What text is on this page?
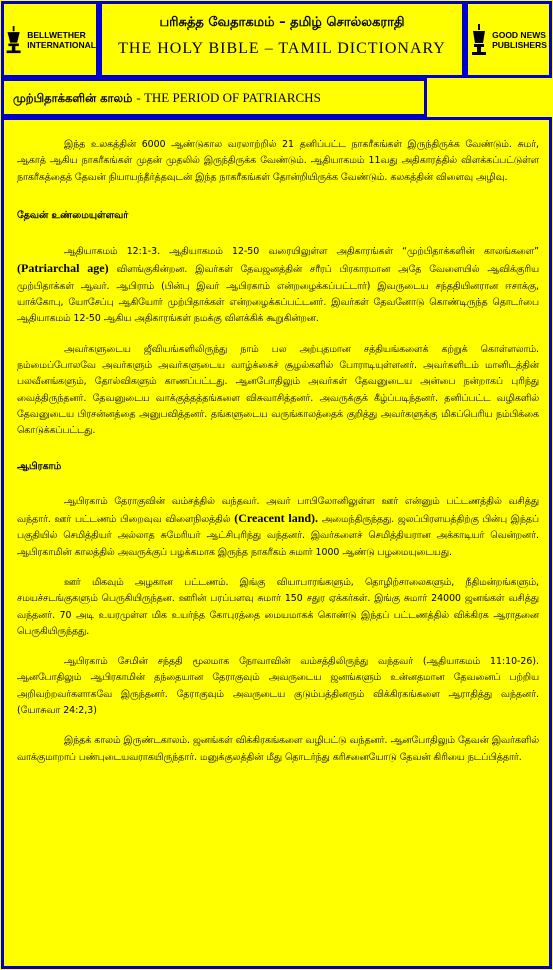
BELLWETHER
INTERNATIONAL
பரிசுத்த வேதாகமம் – தமிழ் சொல்லகராதி
THE HOLY BIBLE – TAMIL DICTIONARY
GOOD NEWS
PUBLISHERS
முற்பிதாக்களின் காலம் - THE PERIOD OF PATRIARCHS

இந்த உலகத்தின் 6000 ஆண்டுகால வரலாற்றில் 21 தனிப்பட்ட நாகரீகங்கள் இருந்திருக்க வேண்டும். சுமர், ஆகாத் ஆகிய நாகரீகங்கள் முதன் முதலில் இருந்திருக்க வேண்டும். ஆதியாகமம் 11வது அதிகாரத்தில் விளக்கப்பட்டுள்ள நாகரீகத்தைத் தேவன் நியாயந்தீர்த்தவுடன் இந்த நாகரீகங்கள் தோன்றியிருக்க வேண்டும். கலகத்தின் விளைவு அழிவு.

தேவன் உண்மையுள்ளவர்

ஆதியாகமம் 12:1-3. ஆதியாகமம் 12-50 வரையிலுள்ள அதிகாரங்கள் “முற்பிதாக்களின் காலங்களை” (Patriarchal age) விளங்குகின்றன. இவர்கள் தேவஜனத்தின் சரீரப் பிரகாரமான அதே வேளையில் ஆவிக்குரிய முற்பிதாக்கள் ஆவர். ஆபிராம் (பின்பு இவர் ஆபிரகாம் என்றழைக்கப்பட்டார்) இவருடைய சந்ததியினரான ஈசாக்கு, யாக்கோபு, யோசேப்பு ஆகியோர் முற்பிதாக்கள் என்றழைக்கப்பட்டனர். இவர்கள் தேவனோடு கொண்டிருந்த தொடர்பை ஆதியாகமம் 12-50 ஆகிய அதிகாரங்கள் நமக்கு விளக்கிக் கூறுகின்றன.

அவர்களுடைய ஜீவியங்களிலிருந்து நாம் பல அற்புதமான சத்தியங்களைக் கற்றுக் கொள்ளலாம். நம்மைப்போலவே அவர்களும் அவர்களுடைய வாழ்க்கைச் சூழல்களில் போராடியுள்ளனர். அவர்களிடம் மானிடத்தின் பலவீனங்களும், தோல்விகளும் காணப்பட்டது. ஆனபோதிலும் அவர்கள் தேவனுடைய அன்பை நன்றாகப் புரிந்து வைத்திருந்தனர். தேவனுடைய வாக்குத்தத்தங்களை விசுவாசித்தனர். அவருக்குக் கீழ்ப்படிந்தனர். தனிப்பட்ட வழிகளில் தேவனுடைய பிரசன்னத்தை அனுபவித்தனர். தங்களுடைய வருங்காலத்தைக் குறித்து அவர்களுக்கு மிகப்பெரிய நம்பிக்கை கொடுக்கப்பட்டது.

ஆபிரகாம்

ஆபிரகாம் தேராகுவின் வம்சத்தில் வந்தவர். அவர் பாபிலோனிலுள்ள ஊர் என்னும் பட்டணத்தில் வசித்து வந்தார். ஊர் பட்டணம் பிறைவுவ விளைநிலத்தில் (Creacent land). அமைந்திருந்தது. ஜலப்பிரளயத்திற்கு பின்பு இந்தப் பகுதியில் செமித்தியர் அல்லாத சுமேரியர் ஆட்சிபுரிந்து வந்தனர். இவர்களைச் செமித்தியரான அக்காடியர் வென்றனர். ஆபிரகாமின் காலத்தில் அவருக்குப் பழக்கமாக இருந்த நாகரீகம் சுமார் 1000 ஆண்டு பழமையுடையது.

ஊர் மிகவும் அழகான பட்டணம். இங்கு வியாபாரங்களும், தொழிற்சாலைகளும், நீதிமன்றங்களும், சமயச்சடங்குகளும் பெருகியிருந்தன. ஊரின் பரப்பளவு சுமார் 150 சதுர ஏக்கர்கள். இங்கு சுமார் 24000 ஜனங்கள் வசித்து வந்தனர். 70 அடி உயரமுள்ள மிக உயர்ந்த கோபுரத்தை மையமாகக் கொண்டு இந்தப் பட்டணத்தில் விக்கிரக ஆராதனை பெருகியிருந்தது.

ஆபிரகாம் சேமின் சந்ததி மூலமாக நோவாவின் வம்சத்திலிருந்து வந்தவர் (ஆதியாகமம் 11:10-26). ஆனபோதிலும் ஆபிரகாமின் தந்தையான தேராகுவும் அவருடைய ஜனங்களும் உன்னதமான தேவனைப் பற்றிய அறிவற்றவர்களாகவே இருந்தனர். தேராகுவும் அவருடைய குடும்பத்தினரும் விக்கிரகங்களை ஆராதித்து வந்தனர். (யோசுவா 24:2,3)

இந்தக் காலம் இருண்டகாலம். ஜனங்கள் விக்கிரகங்களை வழிபட்டு வந்தனர். ஆனபோதிலும் தேவன் இவர்களில் வாக்குமாறாப் பண்புடையவராகயிருந்தார். மனுக்குலத்தின் மீது தொடர்ந்து கரிசனையோடு தேவன் கிரியை நடப்பித்தார்.
